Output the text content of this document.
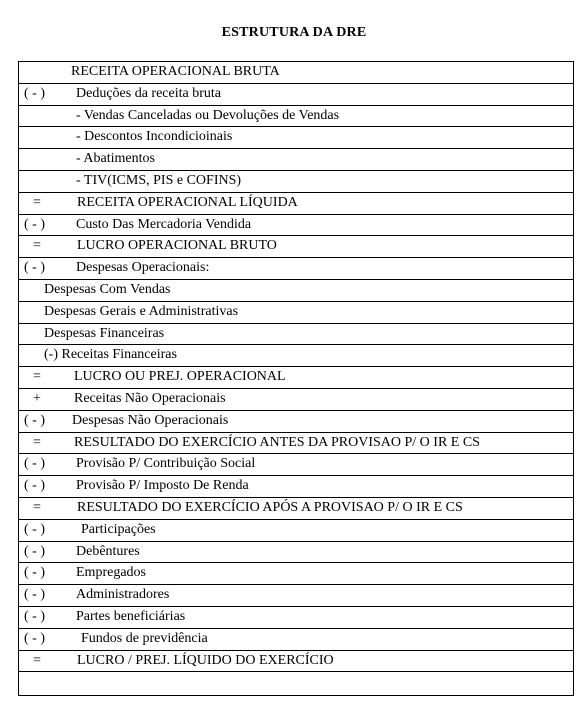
ESTRUTURA DA DRE
RECEITA OPERACIONAL BRUTA
( - ) Deduções da receita bruta
- Vendas Canceladas ou Devoluções de Vendas
- Descontos Incondicioinais
- Abatimentos
- TIV(ICMS, PIS e COFINS)
=	RECEITA OPERACIONAL LÍQUIDA
( - ) Custo Das Mercadoria Vendida
=	LUCRO OPERACIONAL BRUTO
( - ) Despesas Operacionais:
Despesas Com Vendas
Despesas Gerais e Administrativas
Despesas Financeiras
(-) Receitas Financeiras
= LUCRO OU PREJ. OPERACIONAL
+ Receitas Não Operacionais
( - ) Despesas Não Operacionais
= RESULTADO DO EXERCÍCIO ANTES DA PROVISAO P/ O IR E CS
( - ) Provisão P/ Contribuição Social
( - ) Provisão P/ Imposto De Renda
=	RESULTADO DO EXERCÍCIO APÓS A PROVISAO P/ O IR E CS
( - )	Participações
( - ) Debêntures
( - ) Empregados
( - ) Administradores
( - ) Partes beneficiárias
( - )	Fundos de previdência
=	LUCRO / PREJ. LÍQUIDO DO EXERCÍCIO
